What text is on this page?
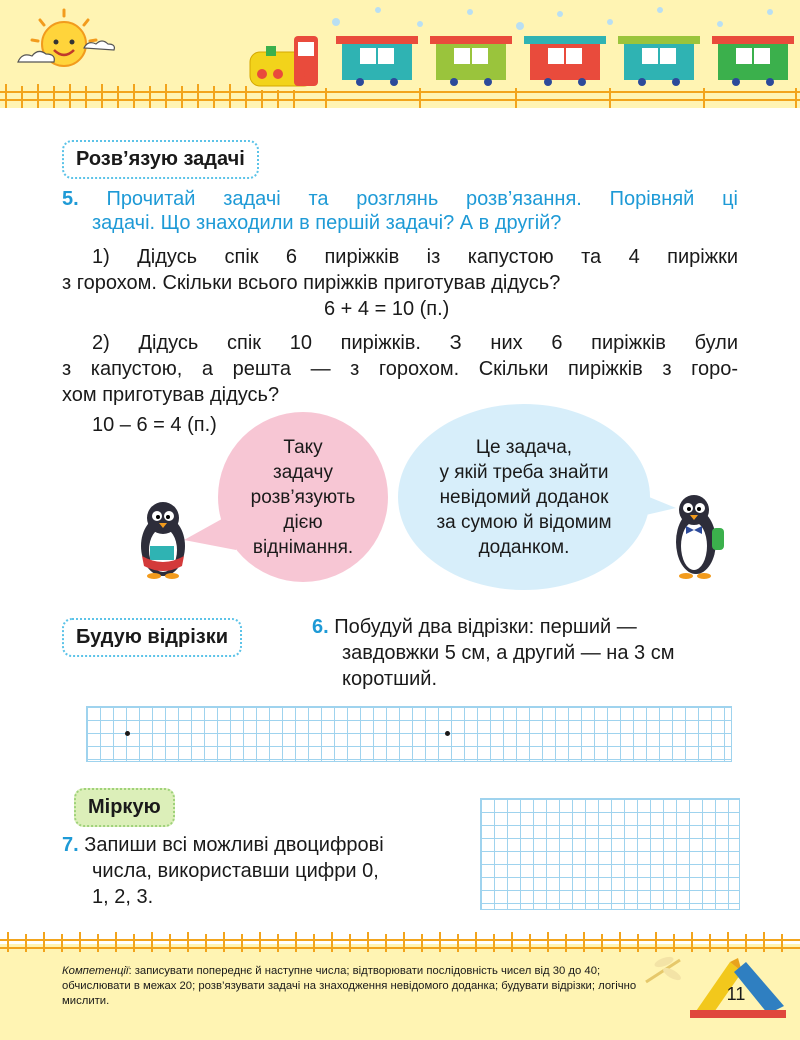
Розв’язую задачі
5. Прочитай задачі та розглянь розв’язання. Порівняй ці
задачі. Що знаходили в першій задачі? А в другій?
1) Дідусь спік 6 пиріжків із капустою та 4 пиріжки
з горохом. Скільки всього пиріжків приготував дідусь?
6 + 4 = 10 (п.)
2) Дідусь спік 10 пиріжків. З них 6 пиріжків були
з капустою, а решта — з горохом. Скільки пиріжків з горо-
хом приготував дідусь?
10 – 6 = 4 (п.)
Таку
задачу
розв’язують
дією
віднімання.
Це задача,
у якій треба знайти
невідомий доданок
за сумою й відомим
доданком.
Будую відрізки	6. Побудуй два відрізки: перший —
завдовжки 5 см, а другий — на 3 см
коротший.
Міркую
7. Запиши всі можливі двоцифрові
числа, використавши цифри 0,
1, 2, 3.
Компетенції: записувати попереднє й наступне числа; відтворювати послідовність чисел від 30 до 40; обчислювати в межах 20; розв’язувати задачі на знаходження невідомого доданка; будувати відрізки; логічно мислити.	11
